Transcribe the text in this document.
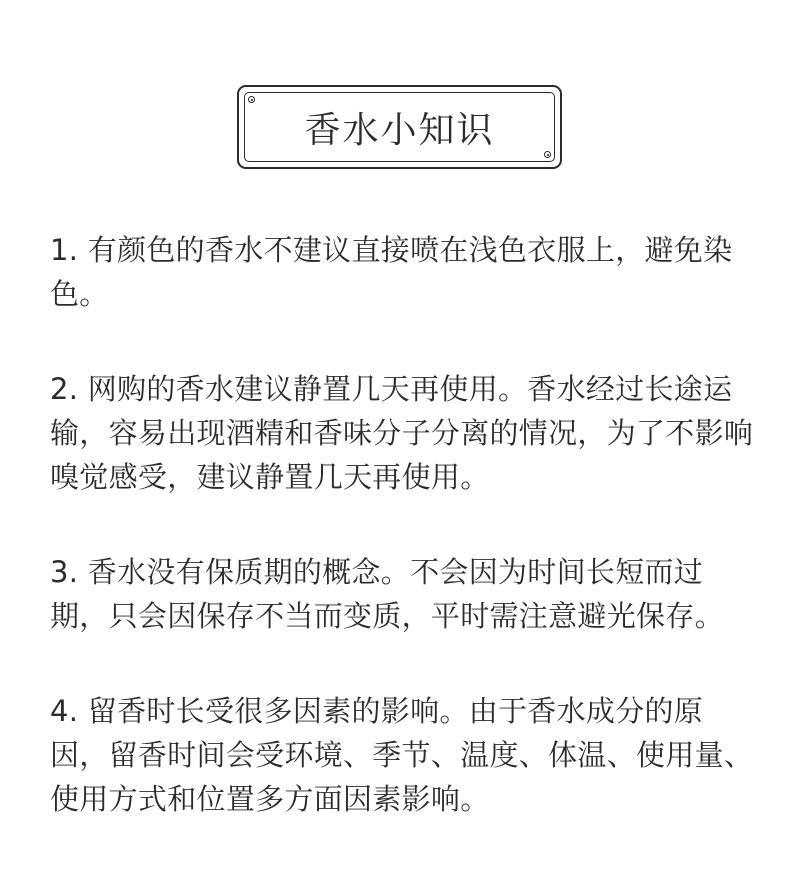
香水小知识

1. 有颜色的香水不建议直接喷在浅色衣服上，避免染色。

2. 网购的香水建议静置几天再使用。香水经过长途运输，容易出现酒精和香味分子分离的情况，为了不影响嗅觉感受，建议静置几天再使用。

3. 香水没有保质期的概念。不会因为时间长短而过期，只会因保存不当而变质，平时需注意避光保存。

4. 留香时长受很多因素的影响。由于香水成分的原因，留香时间会受环境、季节、温度、体温、使用量、使用方式和位置多方面因素影响。
